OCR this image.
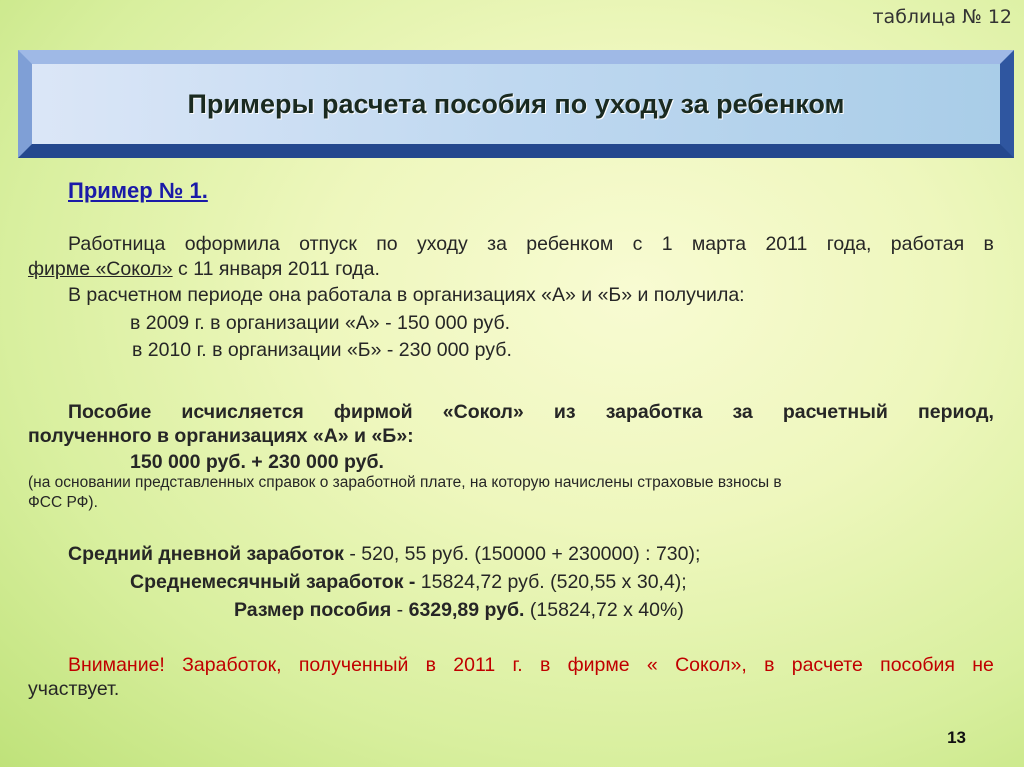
таблица № 12
Примеры расчета пособия по уходу за ребенком
Пример № 1.
Работница оформила отпуск по уходу за ребенком с 1 марта 2011 года, работая в
фирме «Сокол» с 11 января 2011 года.
В расчетном периоде она работала в организациях «А» и «Б» и получила:
в 2009 г. в организации «А» - 150 000 руб.
в 2010 г. в организации «Б» - 230 000 руб.
Пособие исчисляется фирмой «Сокол» из заработка за расчетный период,
полученного в организациях «А» и «Б»:
150 000 руб. + 230 000 руб.
(на основании представленных справок о заработной плате, на которую начислены страховые взносы в
ФСС РФ).
Средний дневной заработок - 520, 55 руб. (150000 + 230000) : 730);
Среднемесячный заработок - 15824,72 руб. (520,55 х 30,4);
Размер пособия - 6329,89 руб. (15824,72 х 40%)
Внимание! Заработок, полученный в 2011 г. в фирме « Сокол», в расчете пособия не
участвует.
13
